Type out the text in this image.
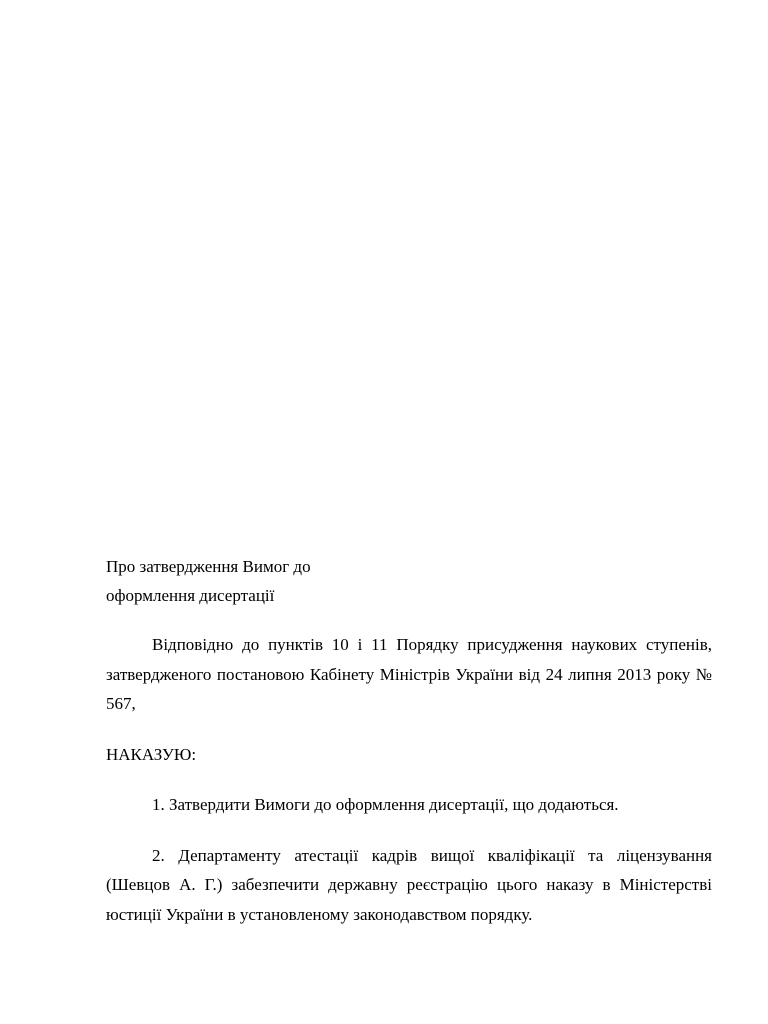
Про затвердження Вимог до
оформлення дисертації

Відповідно до пунктів 10 і 11 Порядку присудження наукових ступенів, затвердженого постановою Кабінету Міністрів України від 24 липня 2013 року № 567,

НАКАЗУЮ:

1. Затвердити Вимоги до оформлення дисертації, що додаються.

2. Департаменту атестації кадрів вищої кваліфікації та ліцензування (Шевцов А. Г.) забезпечити державну реєстрацію цього наказу в Міністерстві юстиції України в установленому законодавством порядку.
